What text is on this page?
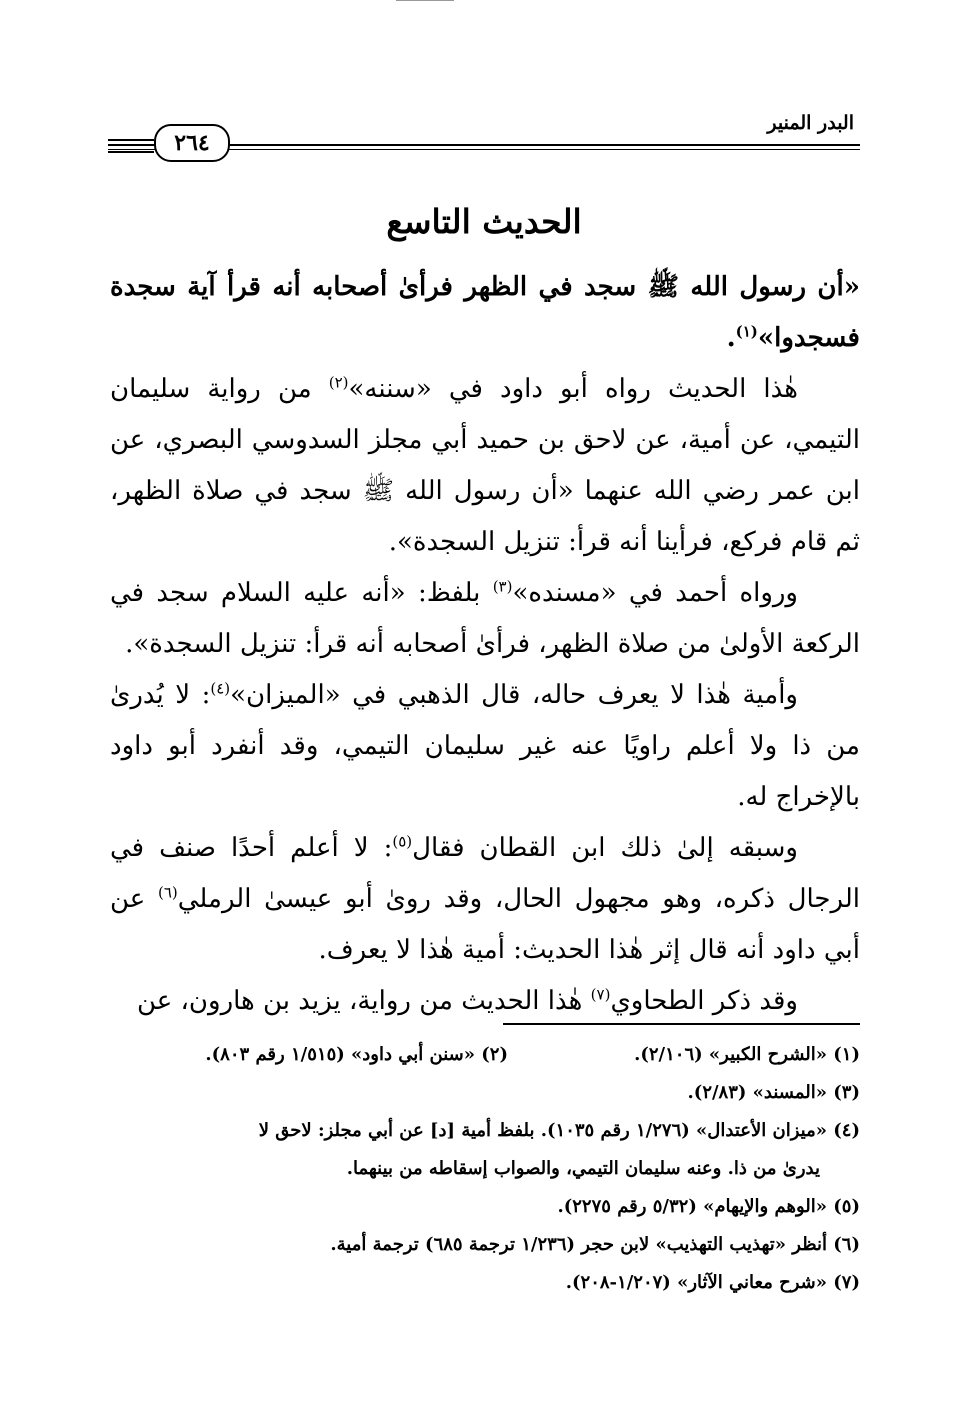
البدر المنير
٢٦٤
الحديث التاسع

«أن رسول الله ﷺ سجد في الظهر فرأىٰ أصحابه أنه قرأ آية سجدة فسجدوا»$^{(١)}$.

هٰذا الحديث رواه أبو داود في «سننه»$^{(٢)}$ من رواية سليمان التيمي، عن أمية، عن لاحق بن حميد أبي مجلز السدوسي البصري، عن ابن عمر رضي الله عنهما «أن رسول الله ﷺ سجد في صلاة الظهر، ثم قام فركع، فرأينا أنه قرأ: تنزيل السجدة».

ورواه أحمد في «مسنده»$^{(٣)}$ بلفظ: «أنه عليه السلام سجد في الركعة الأولىٰ من صلاة الظهر، فرأىٰ أصحابه أنه قرأ: تنزيل السجدة».

وأمية هٰذا لا يعرف حاله، قال الذهبي في «الميزان»$^{(٤)}$: لا يُدرىٰ من ذا ولا أعلم راويًا عنه غير سليمان التيمي، وقد أنفرد أبو داود بالإخراج له.

وسبقه إلىٰ ذلك ابن القطان فقال$^{(٥)}$: لا أعلم أحدًا صنف في الرجال ذكره، وهو مجهول الحال، وقد روىٰ أبو عيسىٰ الرملي$^{(٦)}$ عن أبي داود أنه قال إثر هٰذا الحديث: أمية هٰذا لا يعرف.

وقد ذكر الطحاوي$^{(٧)}$ هٰذا الحديث من رواية، يزيد بن هارون، عن

(١) «الشرح الكبير» (٢/١٠٦).
(٢) «سنن أبي داود» (١/٥١٥ رقم ٨٠٣).

(٣) «المسند» (٢/٨٣).

(٤) «ميزان الأعتدال» (١/٢٧٦ رقم ١٠٣٥). بلفظ أمية [د] عن أبي مجلز: لاحق لا

يدرىٰ من ذا. وعنه سليمان التيمي، والصواب إسقاطه من بينهما.

(٥) «الوهم والإيهام» (٥/٣٢ رقم ٢٢٧٥).

(٦) أنظر «تهذيب التهذيب» لابن حجر (١/٢٣٦ ترجمة ٦٨٥) ترجمة أمية.

(٧) «شرح معاني الآثار» (١/٢٠٧-٢٠٨).
